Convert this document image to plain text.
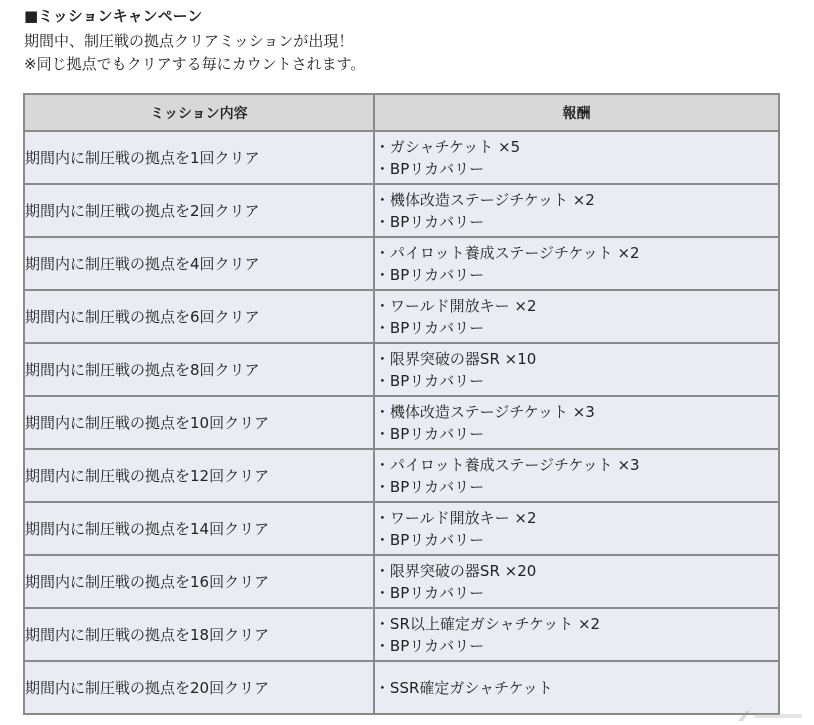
■ミッションキャンペーン

期間中、制圧戦の拠点クリアミッションが出現！

※同じ拠点でもクリアする毎にカウントされます。

ミッション内容	報酬
期間内に制圧戦の拠点を1回クリア	・ガシャチケット ×5
・BPリカバリー

期間内に制圧戦の拠点を2回クリア	・機体改造ステージチケット ×2
・BPリカバリー

期間内に制圧戦の拠点を4回クリア	・パイロット養成ステージチケット ×2
・BPリカバリー

期間内に制圧戦の拠点を6回クリア	・ワールド開放キー ×2
・BPリカバリー

期間内に制圧戦の拠点を8回クリア	・限界突破の器SR ×10
・BPリカバリー

期間内に制圧戦の拠点を10回クリア	・機体改造ステージチケット ×3
・BPリカバリー

期間内に制圧戦の拠点を12回クリア	・パイロット養成ステージチケット ×3
・BPリカバリー

期間内に制圧戦の拠点を14回クリア	・ワールド開放キー ×2
・BPリカバリー

期間内に制圧戦の拠点を16回クリア	・限界突破の器SR ×20
・BPリカバリー

期間内に制圧戦の拠点を18回クリア	・SR以上確定ガシャチケット ×2
・BPリカバリー

期間内に制圧戦の拠点を20回クリア	・SSR確定ガシャチケット
